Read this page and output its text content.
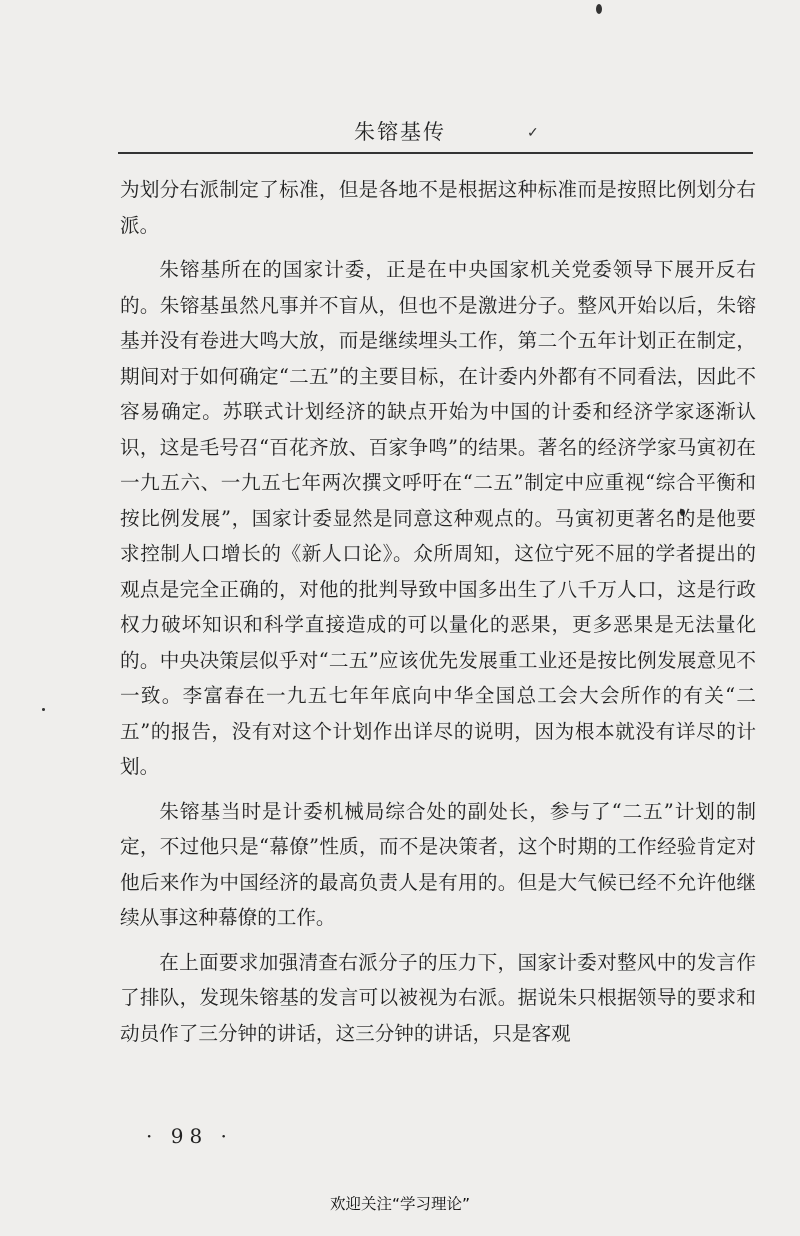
朱镕基传	✓

为划分右派制定了标准，但是各地不是根据这种标准而是按照比例划分右派。

朱镕基所在的国家计委，正是在中央国家机关党委领导下展开反右的。朱镕基虽然凡事并不盲从，但也不是激进分子。整风开始以后，朱镕基并没有卷进大鸣大放，而是继续埋头工作，第二个五年计划正在制定，期间对于如何确定“二五”的主要目标，在计委内外都有不同看法，因此不容易确定。苏联式计划经济的缺点开始为中国的计委和经济学家逐渐认识，这是毛号召“百花齐放、百家争鸣”的结果。著名的经济学家马寅初在一九五六、一九五七年两次撰文呼吁在“二五”制定中应重视“综合平衡和按比例发展”，国家计委显然是同意这种观点的。马寅初更著名的是他要求控制人口增长的《新人口论》。众所周知，这位宁死不屈的学者提出的观点是完全正确的，对他的批判导致中国多出生了八千万人口，这是行政权力破坏知识和科学直接造成的可以量化的恶果，更多恶果是无法量化的。中央决策层似乎对“二五”应该优先发展重工业还是按比例发展意见不一致。李富春在一九五七年年底向中华全国总工会大会所作的有关“二五”的报告，没有对这个计划作出详尽的说明，因为根本就没有详尽的计划。

朱镕基当时是计委机械局综合处的副处长，参与了“二五”计划的制定，不过他只是“幕僚”性质，而不是决策者，这个时期的工作经验肯定对他后来作为中国经济的最高负责人是有用的。但是大气候已经不允许他继续从事这种幕僚的工作。

在上面要求加强清查右派分子的压力下，国家计委对整风中的发言作了排队，发现朱镕基的发言可以被视为右派。据说朱只根据领导的要求和动员作了三分钟的讲话，这三分钟的讲话，只是客观

· 98 ·
欢迎关注“学习理论”
